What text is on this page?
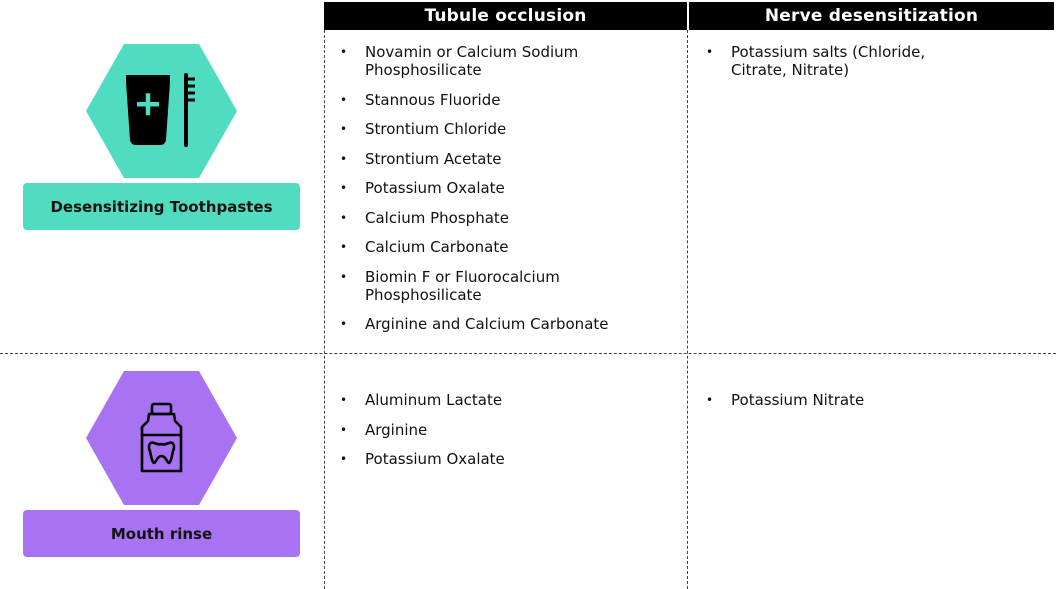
Tubule occlusion	Nerve desensitization
Desensitizing Toothpastes
• Novamin or Calcium Sodium Phosphosilicate
• Stannous Fluoride
• Strontium Chloride
• Strontium Acetate
• Potassium Oxalate
• Calcium Phosphate
• Calcium Carbonate
• Biomin F or Fluorocalcium Phosphosilicate
• Arginine and Calcium Carbonate
• Potassium salts (Chloride, Citrate, Nitrate)
Mouth rinse
• Aluminum Lactate
• Arginine
• Potassium Oxalate
• Potassium Nitrate
